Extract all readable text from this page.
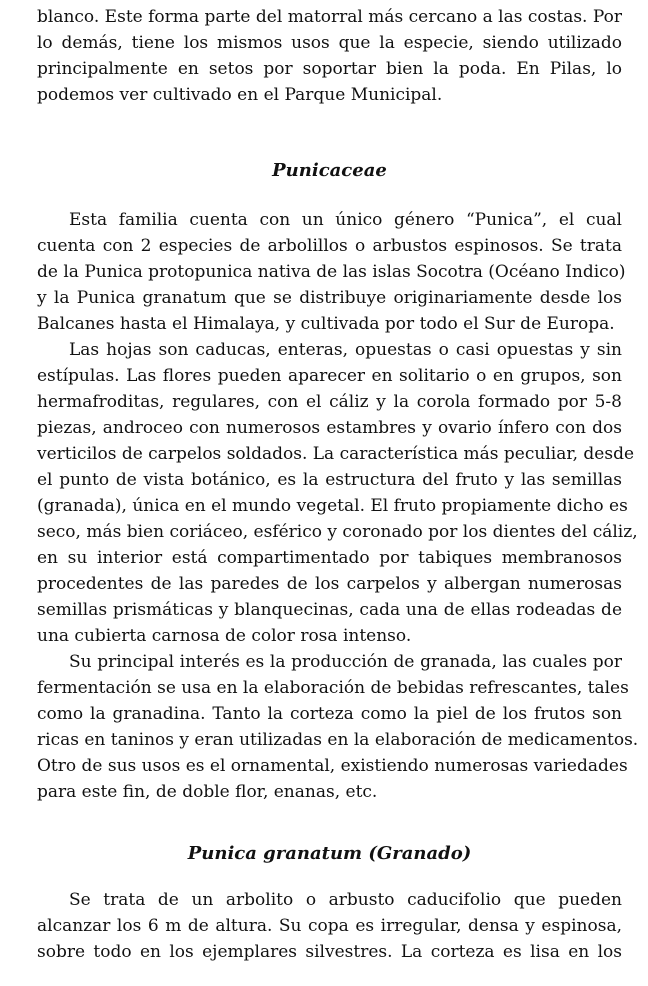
blanco. Este forma parte del matorral más cercano a las costas. Por
lo demás, tiene los mismos usos que la especie, siendo utilizado
principalmente en setos por soportar bien la poda. En Pilas, lo
podemos ver cultivado en el Parque Municipal.
Punicaceae
Esta familia cuenta con un único género “Punica”, el cual
cuenta con 2 especies de arbolillos o arbustos espinosos. Se trata
de la Punica protopunica nativa de las islas Socotra (Océano Indico)
y la Punica granatum que se distribuye originariamente desde los
Balcanes hasta el Himalaya, y cultivada por todo el Sur de Europa.
Las hojas son caducas, enteras, opuestas o casi opuestas y sin
estípulas. Las flores pueden aparecer en solitario o en grupos, son
hermafroditas, regulares, con el cáliz y la corola formado por 5-8
piezas, androceo con numerosos estambres y ovario ínfero con dos
verticilos de carpelos soldados. La característica más peculiar, desde
el punto de vista botánico, es la estructura del fruto y las semillas
(granada), única en el mundo vegetal. El fruto propiamente dicho es
seco, más bien coriáceo, esférico y coronado por los dientes del cáliz,
en su interior está compartimentado por tabiques membranosos
procedentes de las paredes de los carpelos y albergan numerosas
semillas prismáticas y blanquecinas, cada una de ellas rodeadas de
una cubierta carnosa de color rosa intenso.
Su principal interés es la producción de granada, las cuales por
fermentación se usa en la elaboración de bebidas refrescantes, tales
como la granadina. Tanto la corteza como la piel de los frutos son
ricas en taninos y eran utilizadas en la elaboración de medicamentos.
Otro de sus usos es el ornamental, existiendo numerosas variedades
para este fin, de doble flor, enanas, etc.
Punica granatum (Granado)
Se trata de un arbolito o arbusto caducifolio que pueden
alcanzar los 6 m de altura. Su copa es irregular, densa y espinosa,
sobre todo en los ejemplares silvestres. La corteza es lisa en los
